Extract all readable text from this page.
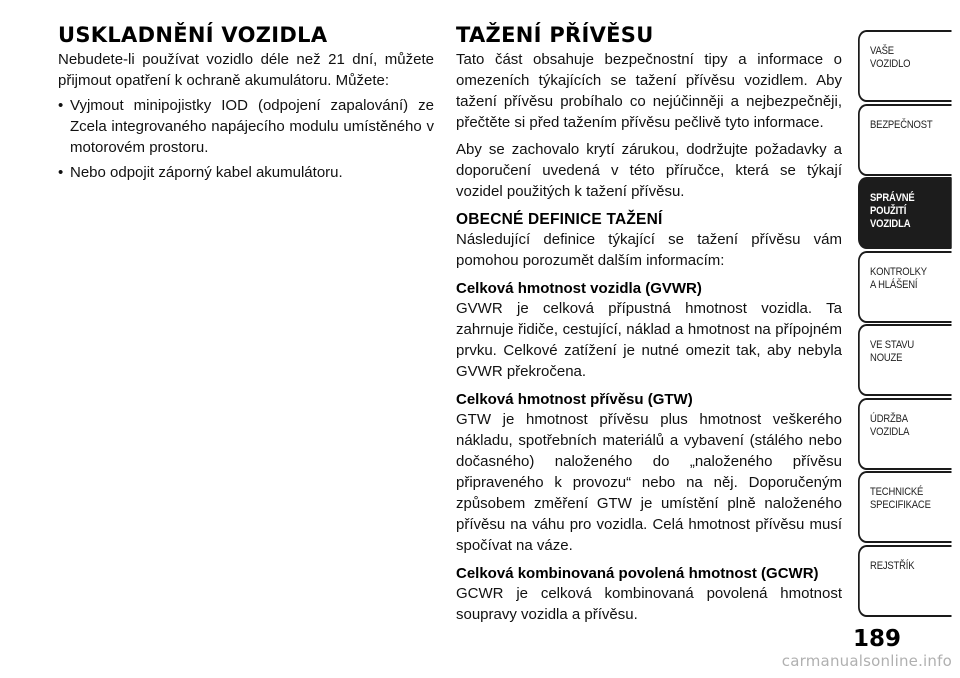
USKLADNĚNÍ VOZIDLA

Nebudete-li používat vozidlo déle než 21 dní, můžete přijmout opatření k ochraně akumulátoru. Můžete:

• Vyjmout minipojistky IOD (odpojení zapalování) ze Zcela integrovaného napájecího modulu umístěného v motorovém prostoru.
• Nebo odpojit záporný kabel akumulátoru.
TAŽENÍ PŘÍVĚSU

Tato část obsahuje bezpečnostní tipy a informace o omezeních týkajících se tažení přívěsu vozidlem. Aby tažení přívěsu probíhalo co nejúčinněji a nejbezpečněji, přečtěte si před tažením přívěsu pečlivě tyto informace.

Aby se zachovalo krytí zárukou, dodržujte požadavky a doporučení uvedená v této příručce, která se týkají vozidel použitých k tažení přívěsu.

OBECNÉ DEFINICE TAŽENÍ

Následující definice týkající se tažení přívěsu vám pomohou porozumět dalším informacím:

Celková hmotnost vozidla (GVWR)

GVWR je celková přípustná hmotnost vozidla. Ta zahrnuje řidiče, cestující, náklad a hmotnost na přípojném prvku. Celkové zatížení je nutné omezit tak, aby nebyla GVWR překročena.

Celková hmotnost přívěsu (GTW)

GTW je hmotnost přívěsu plus hmotnost veškerého nákladu, spotřebních materiálů a vybavení (stálého nebo dočasného) naloženého do „naloženého přívěsu připraveného k provozu“ nebo na něj. Doporučeným způsobem změření GTW je umístění plně naloženého přívěsu na váhu pro vozidla. Celá hmotnost přívěsu musí spočívat na váze.

Celková kombinovaná povolená hmotnost (GCWR)

GCWR je celková kombinovaná povolená hmotnost soupravy vozidla a přívěsu.

VAŠE
VOZIDLO
BEZPEČNOST
SPRÁVNÉ
POUŽITÍ
VOZIDLA
KONTROLKY
A HLÁŠENÍ
VE STAVU
NOUZE
ÚDRŽBA
VOZIDLA
TECHNICKÉ
SPECIFIKACE
REJSTŘÍK
189
carmanualsonline.info
